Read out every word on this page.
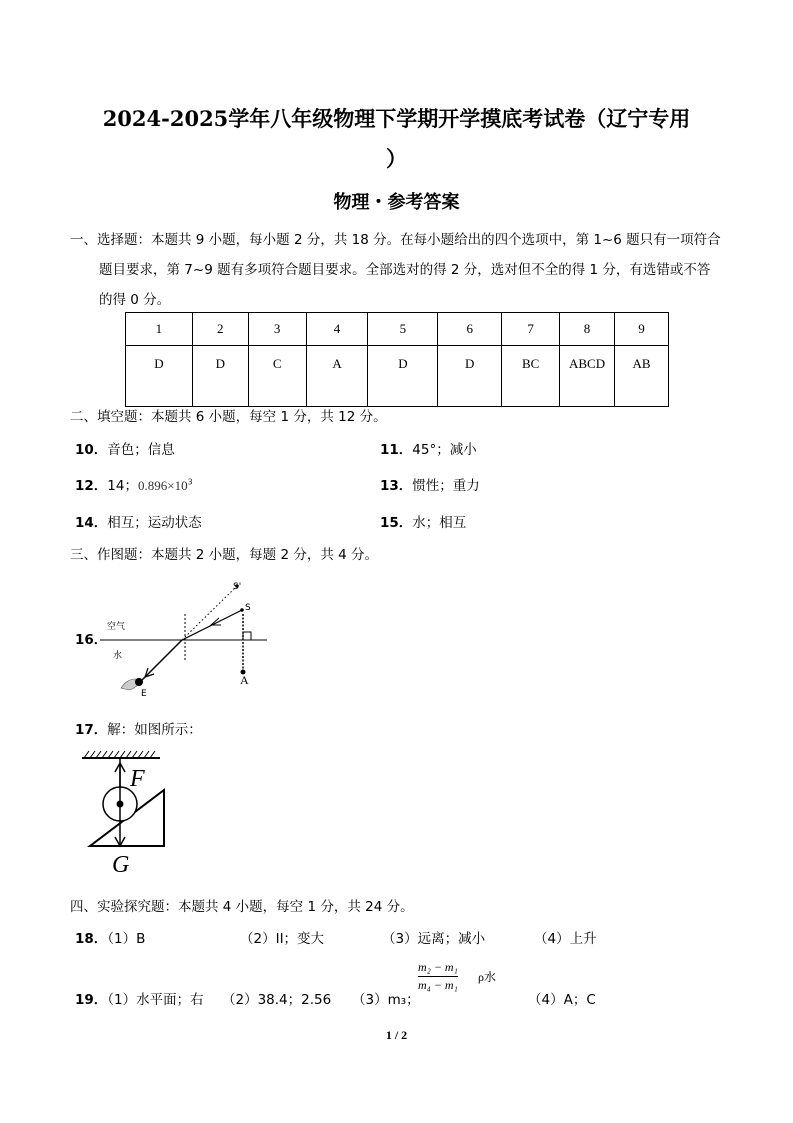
2024-2025学年八年级物理下学期开学摸底考试卷（辽宁专用
）
物理・参考答案
一、选择题：本题共 9 小题，每小题 2 分，共 18 分。在每小题给出的四个选项中，第 1~6 题只有一项符合
题目要求，第 7~9 题有多项符合题目要求。全部选对的得 2 分，选对但不全的得 1 分，有选错或不答
的得 0 分。
1	2	3	4	5	6	7	8	9
D	D	C	A	D	D	BC	ABCD	AB
二、填空题：本题共 6 小题，每空 1 分，共 12 分。
10．音色；信息	11．45°；减小
12．14；$0.896\times 10^3$	13．惯性；重力
14．相互；运动状态	15．水；相互
三、作图题：本题共 2 小题，每题 2 分，共 4 分。
16．
S'
S
空气
水
E
A
17．解：如图所示：
F
G
四、实验探究题：本题共 4 小题，每空 1 分，共 24 分。
18．（1）B	（2）II；变大	（3）远离；减小	（4）上升
19．（1）水平面；右 （2）38.4；2.56 （3）m₃；
m₂ − m₁
m₄ − m₁
ρ水
（4）A；C
1 / 2
